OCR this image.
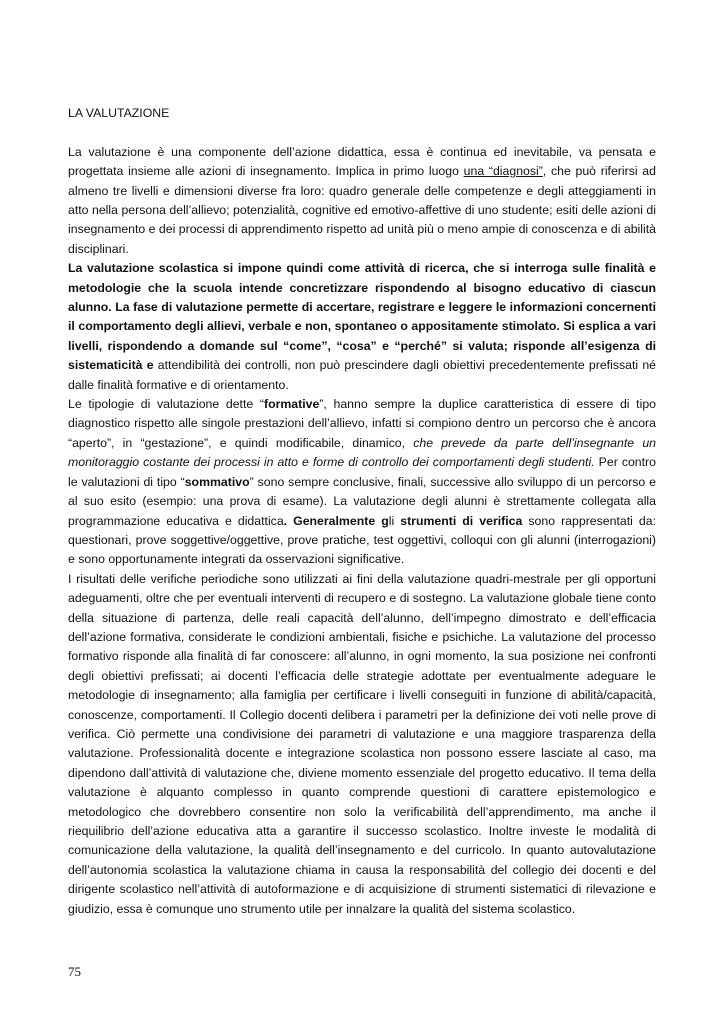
LA VALUTAZIONE

La valutazione è una componente dell’azione didattica, essa è continua ed inevitabile, va pensata e progettata insieme alle azioni di insegnamento. Implica in primo luogo una “diagnosi”, che può riferirsi ad almeno tre livelli e dimensioni diverse fra loro: quadro generale delle competenze e degli atteggiamenti in atto nella persona dell’allievo; potenzialità, cognitive ed emotivo-affettive di uno studente; esiti delle azioni di insegnamento e dei processi di apprendimento rispetto ad unità più o meno ampie di conoscenza e di abilità disciplinari.

La valutazione scolastica si impone quindi come attività di ricerca, che si interroga sulle finalità e metodologie che la scuola intende concretizzare rispondendo al bisogno educativo di ciascun alunno. La fase di valutazione permette di accertare, registrare e leggere le informazioni concernenti il comportamento degli allievi, verbale e non, spontaneo o appositamente stimolato. Si esplica a vari livelli, rispondendo a domande sul “come”, “cosa” e “perché” si valuta; risponde all’esigenza di sistematicità e attendibilità dei controlli, non può prescindere dagli obiettivi precedentemente prefissati né dalle finalità formative e di orientamento.

Le tipologie di valutazione dette “formative”, hanno sempre la duplice caratteristica di essere di tipo diagnostico rispetto alle singole prestazioni dell’allievo, infatti si compiono dentro un percorso che è ancora “aperto”, in “gestazione”, e quindi modificabile, dinamico, che prevede da parte dell’insegnante un monitoraggio costante dei processi in atto e forme di controllo dei comportamenti degli studenti. Per contro le valutazioni di tipo “sommativo” sono sempre conclusive, finali, successive allo sviluppo di un percorso e al suo esito (esempio: una prova di esame). La valutazione degli alunni è strettamente collegata alla programmazione educativa e didattica. Generalmente gli strumenti di verifica sono rappresentati da: questionari, prove soggettive/oggettive, prove pratiche, test oggettivi, colloqui con gli alunni (interrogazioni) e sono opportunamente integrati da osservazioni significative.

I risultati delle verifiche periodiche sono utilizzati ai fini della valutazione quadri-mestrale per gli opportuni adeguamenti, oltre che per eventuali interventi di recupero e di sostegno. La valutazione globale tiene conto della situazione di partenza, delle reali capacità dell’alunno, dell’impegno dimostrato e dell’efficacia dell’azione formativa, considerate le condizioni ambientali, fisiche e psichiche. La valutazione del processo formativo risponde alla finalità di far conoscere: all’alunno, in ogni momento, la sua posizione nei confronti degli obiettivi prefissati; ai docenti l’efficacia delle strategie adottate per eventualmente adeguare le metodologie di insegnamento; alla famiglia per certificare i livelli conseguiti in funzione di abilità/capacità, conoscenze, comportamenti. Il Collegio docenti delibera i parametri per la definizione dei voti nelle prove di verifica. Ciò permette una condivisione dei parametri di valutazione e una maggiore trasparenza della valutazione. Professionalità docente e integrazione scolastica non possono essere lasciate al caso, ma dipendono dall’attività di valutazione che, diviene momento essenziale del progetto educativo. Il tema della valutazione è alquanto complesso in quanto comprende questioni di carattere epistemologico e metodologico che dovrebbero consentire non solo la verificabilità dell’apprendimento, ma anche il riequilibrio dell’azione educativa atta a garantire il successo scolastico. Inoltre investe le modalità di comunicazione della valutazione, la qualità dell’insegnamento e del curricolo. In quanto autovalutazione dell’autonomia scolastica la valutazione chiama in causa la responsabilità del collegio dei docenti e del dirigente scolastico nell’attività di autoformazione e di acquisizione di strumenti sistematici di rilevazione e giudizio, essa è comunque uno strumento utile per innalzare la qualità del sistema scolastico.

75
